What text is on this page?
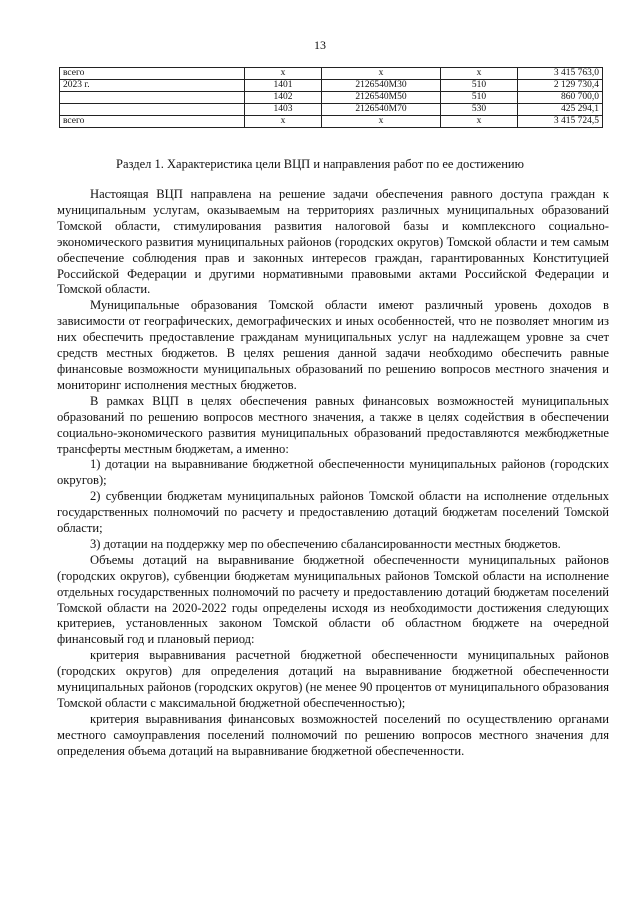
13
всего	x	x	x	3 415 763,0
2023 г.	1401	2126540M30	510	2 129 730,4
	1402	2126540M50	510	860 700,0
	1403	2126540M70	530	425 294,1
всего	x	x	x	3 415 724,5
Раздел 1. Характеристика цели ВЦП и направления работ по ее достижению

Настоящая ВЦП направлена на решение задачи обеспечения равного доступа граждан к муниципальным услугам, оказываемым на территориях различных муниципальных образований Томской области, стимулирования развития налоговой базы и комплексного социально-экономического развития муниципальных районов (городских округов) Томской области и тем самым обеспечение соблюдения прав и законных интересов граждан, гарантированных Конституцией Российской Федерации и другими нормативными правовыми актами Российской Федерации и Томской области.

Муниципальные образования Томской области имеют различный уровень доходов в зависимости от географических, демографических и иных особенностей, что не позволяет многим из них обеспечить предоставление гражданам муниципальных услуг на надлежащем уровне за счет средств местных бюджетов. В целях решения данной задачи необходимо обеспечить равные финансовые возможности муниципальных образований по решению вопросов местного значения и мониторинг исполнения местных бюджетов.

В рамках ВЦП в целях обеспечения равных финансовых возможностей муниципальных образований по решению вопросов местного значения, а также в целях содействия в обеспечении социально-экономического развития муниципальных образований предоставляются межбюджетные трансферты местным бюджетам, а именно:

1) дотации на выравнивание бюджетной обеспеченности муниципальных районов (городских округов);

2) субвенции бюджетам муниципальных районов Томской области на исполнение отдельных государственных полномочий по расчету и предоставлению дотаций бюджетам поселений Томской области;

3) дотации на поддержку мер по обеспечению сбалансированности местных бюджетов.

Объемы дотаций на выравнивание бюджетной обеспеченности муниципальных районов (городских округов), субвенции бюджетам муниципальных районов Томской области на исполнение отдельных государственных полномочий по расчету и предоставлению дотаций бюджетам поселений Томской области на 2020-2022 годы определены исходя из необходимости достижения следующих критериев, установленных законом Томской области об областном бюджете на очередной финансовый год и плановый период:

критерия выравнивания расчетной бюджетной обеспеченности муниципальных районов (городских округов) для определения дотаций на выравнивание бюджетной обеспеченности муниципальных районов (городских округов) (не менее 90 процентов от муниципального образования Томской области с максимальной бюджетной обеспеченностью);

критерия выравнивания финансовых возможностей поселений по осуществлению органами местного самоуправления поселений полномочий по решению вопросов местного значения для определения объема дотаций на выравнивание бюджетной обеспеченности.
